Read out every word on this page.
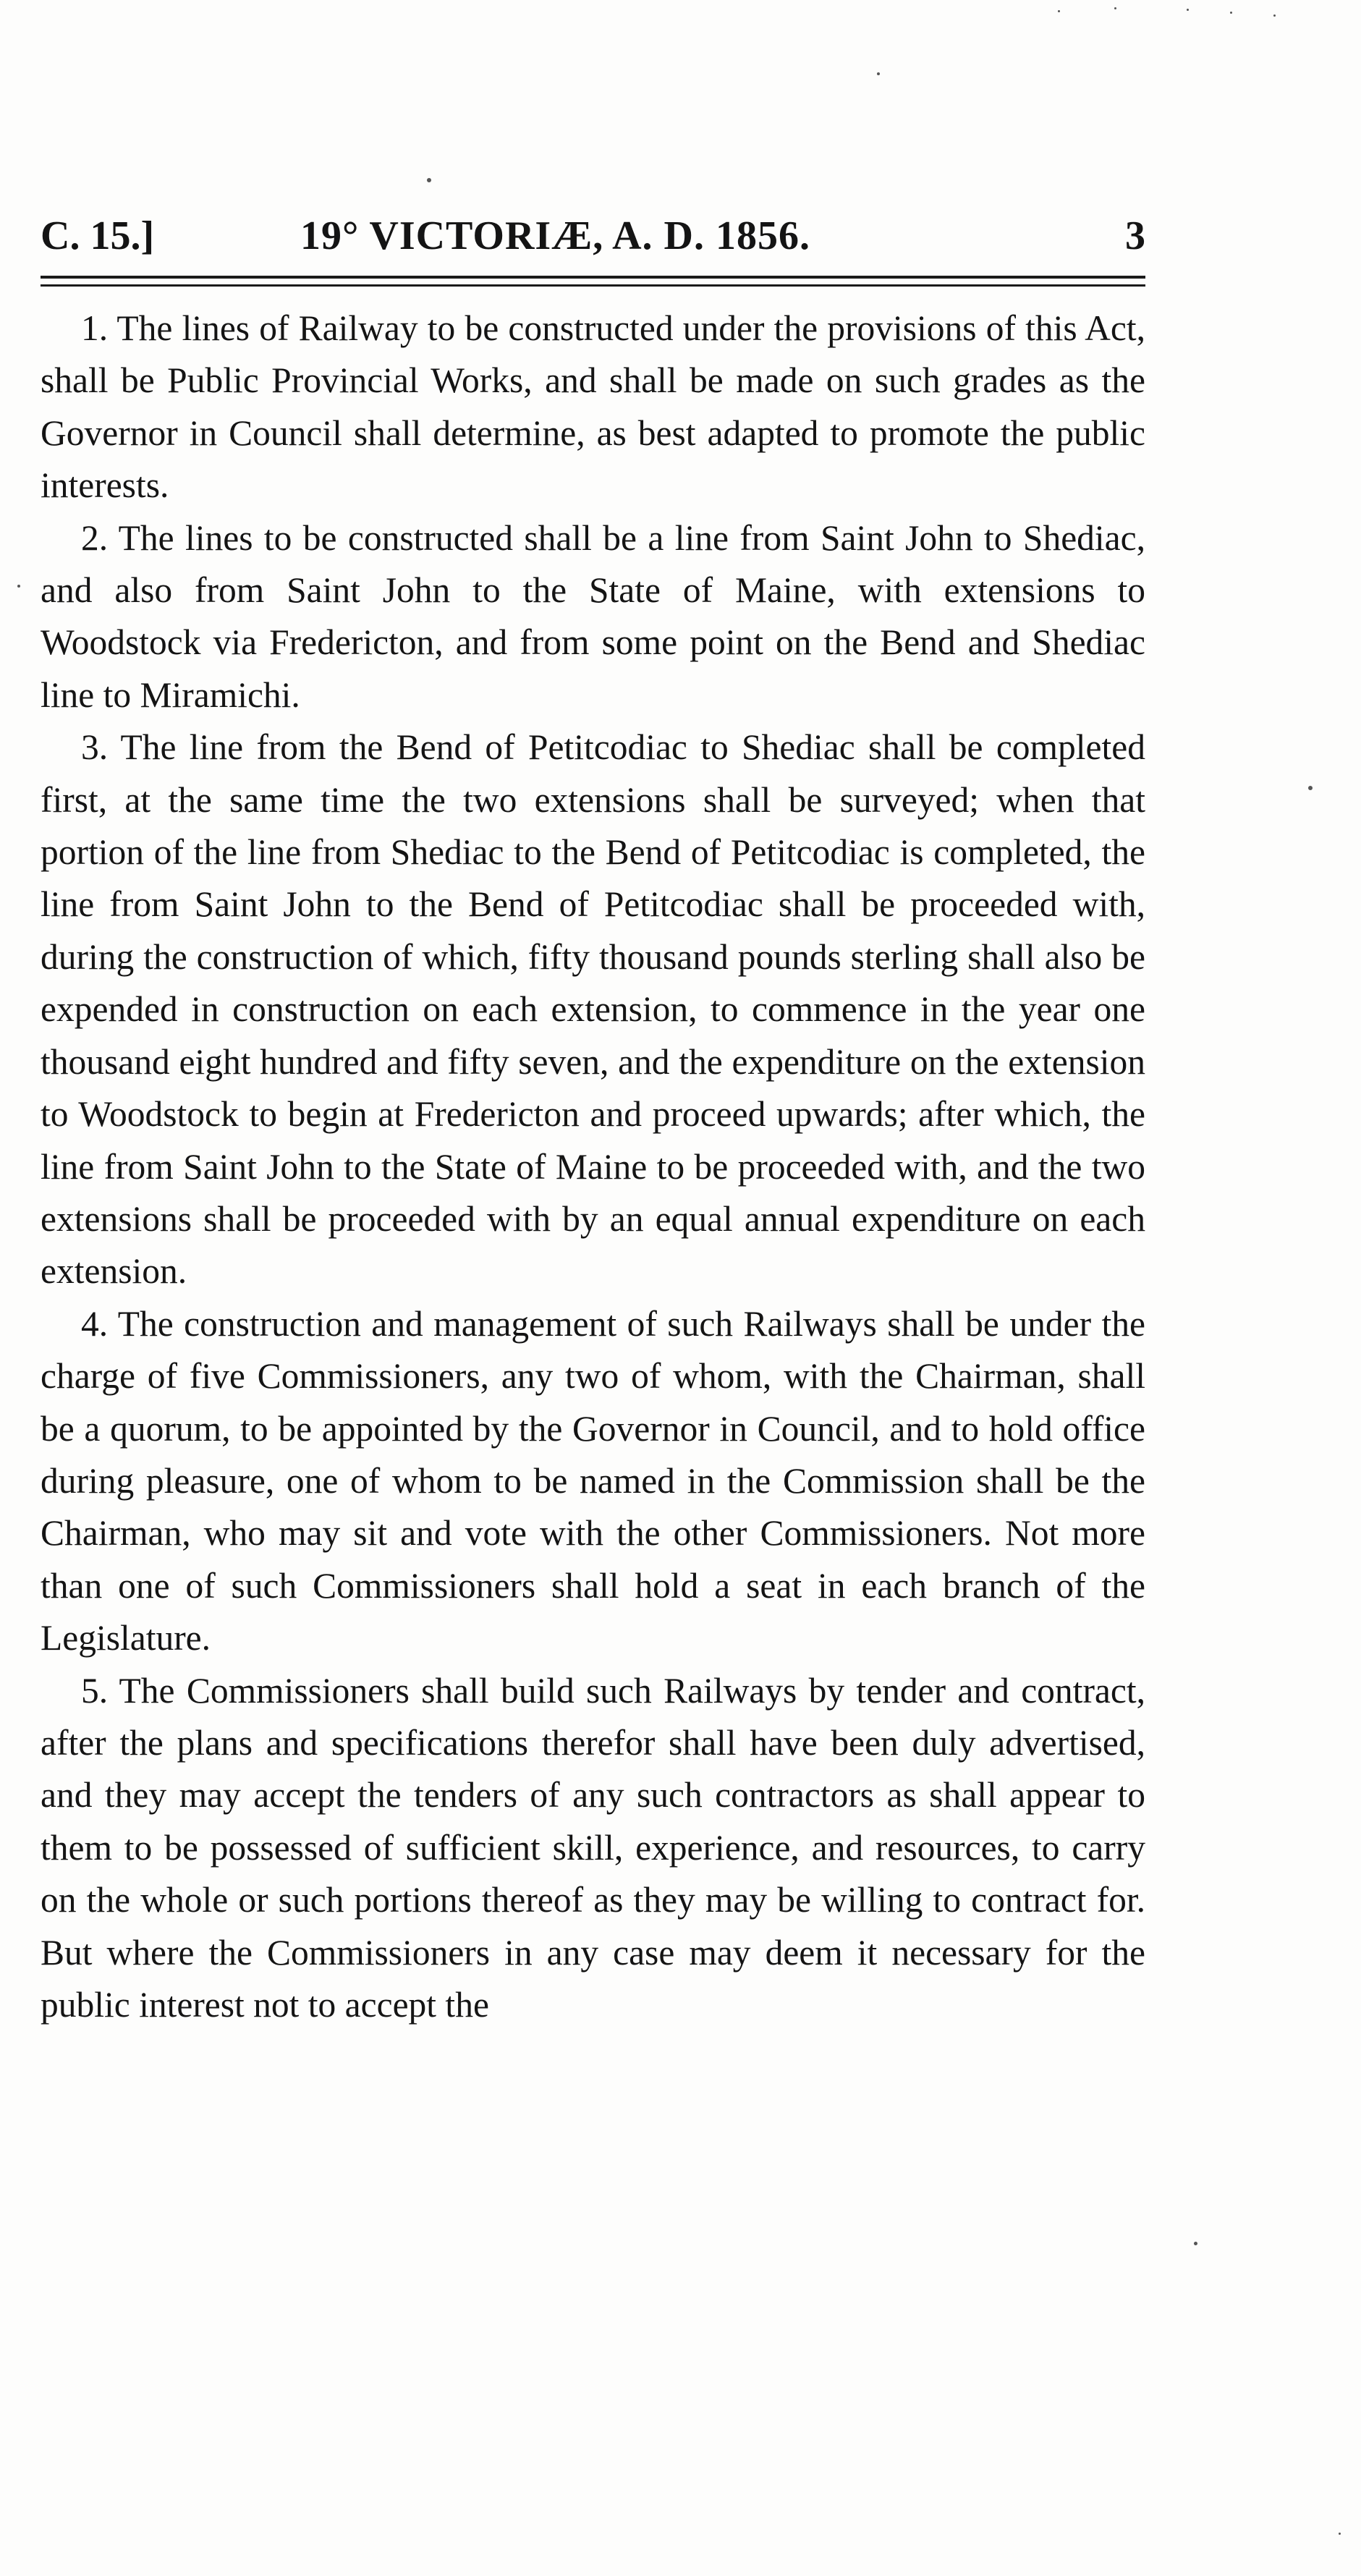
C. 15.]	19° VICTORIÆ, A. D. 1856.	3

1. The lines of Railway to be constructed under the provisions of this Act, shall be Public Provincial Works, and shall be made on such grades as the Governor in Council shall determine, as best adapted to promote the public interests.

2. The lines to be constructed shall be a line from Saint John to Shediac, and also from Saint John to the State of Maine, with extensions to Woodstock via Fredericton, and from some point on the Bend and Shediac line to Miramichi.

3. The line from the Bend of Petitcodiac to Shediac shall be completed first, at the same time the two extensions shall be surveyed; when that portion of the line from Shediac to the Bend of Petitcodiac is completed, the line from Saint John to the Bend of Petitcodiac shall be proceeded with, during the construction of which, fifty thousand pounds sterling shall also be expended in construction on each extension, to commence in the year one thousand eight hundred and fifty seven, and the expenditure on the extension to Woodstock to begin at Fredericton and proceed upwards; after which, the line from Saint John to the State of Maine to be proceeded with, and the two extensions shall be proceeded with by an equal annual expenditure on each extension.

4. The construction and management of such Railways shall be under the charge of five Commissioners, any two of whom, with the Chairman, shall be a quorum, to be appointed by the Governor in Council, and to hold office during pleasure, one of whom to be named in the Commission shall be the Chairman, who may sit and vote with the other Commissioners. Not more than one of such Commissioners shall hold a seat in each branch of the Legislature.

5. The Commissioners shall build such Railways by tender and contract, after the plans and specifications therefor shall have been duly advertised, and they may accept the tenders of any such contractors as shall appear to them to be possessed of sufficient skill, experience, and resources, to carry on the whole or such portions thereof as they may be willing to contract for. But where the Commissioners in any case may deem it necessary for the public interest not to accept the
